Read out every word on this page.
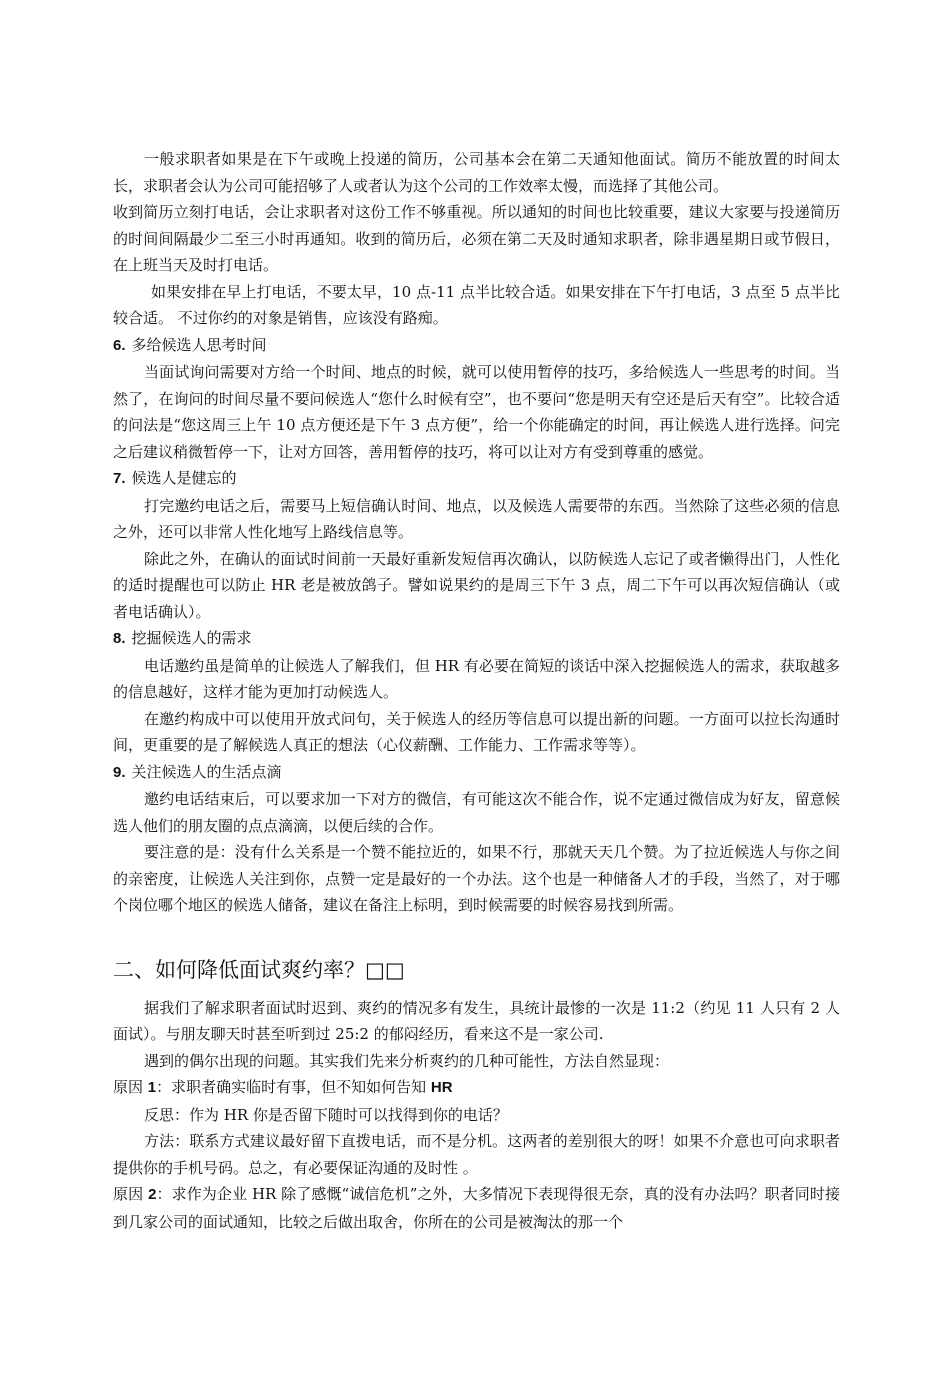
一般求职者如果是在下午或晚上投递的简历，公司基本会在第二天通知他面试。简历不能放置的时间太长，求职者会认为公司可能招够了人或者认为这个公司的工作效率太慢，而选择了其他公司。

收到简历立刻打电话，会让求职者对这份工作不够重视。所以通知的时间也比较重要，建议大家要与投递简历的时间间隔最少二至三小时再通知。收到的简历后，必须在第二天及时通知求职者，除非遇星期日或节假日，在上班当天及时打电话。

如果安排在早上打电话，不要太早，10 点-11 点半比较合适。如果安排在下午打电话，3 点至 5 点半比较合适。 不过你约的对象是销售，应该没有路痴。

6. 多给候选人思考时间

当面试询问需要对方给一个时间、地点的时候，就可以使用暂停的技巧，多给候选人一些思考的时间。当然了，在询问的时间尽量不要问候选人“您什么时候有空”，也不要问“您是明天有空还是后天有空”。比较合适的问法是“您这周三上午 10 点方便还是下午 3 点方便”，给一个你能确定的时间，再让候选人进行选择。问完之后建议稍微暂停一下，让对方回答，善用暂停的技巧，将可以让对方有受到尊重的感觉。

7. 候选人是健忘的

打完邀约电话之后，需要马上短信确认时间、地点，以及候选人需要带的东西。当然除了这些必须的信息之外，还可以非常人性化地写上路线信息等。

除此之外，在确认的面试时间前一天最好重新发短信再次确认，以防候选人忘记了或者懒得出门，人性化的适时提醒也可以防止 HR 老是被放鸽子。譬如说果约的是周三下午 3 点，周二下午可以再次短信确认（或者电话确认）。

8. 挖掘候选人的需求

电话邀约虽是简单的让候选人了解我们，但 HR 有必要在简短的谈话中深入挖掘候选人的需求，获取越多的信息越好，这样才能为更加打动候选人。

在邀约构成中可以使用开放式问句，关于候选人的经历等信息可以提出新的问题。一方面可以拉长沟通时间，更重要的是了解候选人真正的想法（心仪薪酬、工作能力、工作需求等等）。

9. 关注候选人的生活点滴

邀约电话结束后，可以要求加一下对方的微信，有可能这次不能合作，说不定通过微信成为好友，留意候选人他们的朋友圈的点点滴滴，以便后续的合作。

要注意的是：没有什么关系是一个赞不能拉近的，如果不行，那就天天几个赞。为了拉近候选人与你之间的亲密度，让候选人关注到你，点赞一定是最好的一个办法。这个也是一种储备人才的手段，当然了，对于哪个岗位哪个地区的候选人储备，建议在备注上标明，到时候需要的时候容易找到所需。

二、如何降低面试爽约率？□□

据我们了解求职者面试时迟到、爽约的情况多有发生，具统计最惨的一次是 11:2（约见 11 人只有 2 人面试）。与朋友聊天时甚至听到过 25:2 的郁闷经历，看来这不是一家公司.

遇到的偶尔出现的问题。其实我们先来分析爽约的几种可能性，方法自然显现：

原因 1：求职者确实临时有事，但不知如何告知 HR

反思：作为 HR 你是否留下随时可以找得到你的电话？

方法：联系方式建议最好留下直拨电话，而不是分机。这两者的差别很大的呀！如果不介意也可向求职者提供你的手机号码。总之，有必要保证沟通的及时性 。

原因 2：求作为企业 HR 除了感慨“诚信危机”之外，大多情况下表现得很无奈，真的没有办法吗？职者同时接到几家公司的面试通知，比较之后做出取舍，你所在的公司是被淘汰的那一个
